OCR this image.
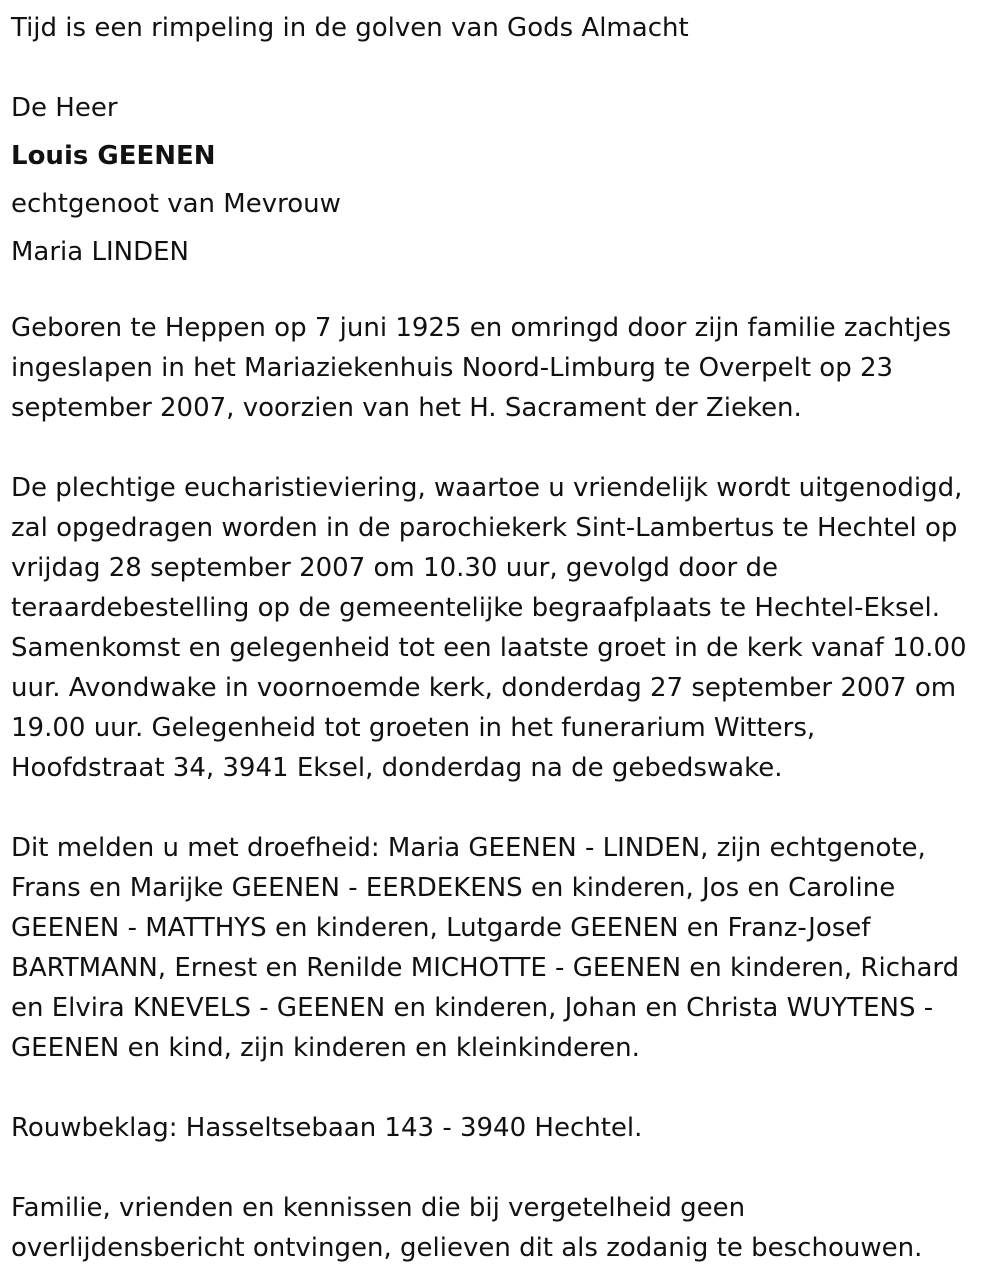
Tijd is een rimpeling in de golven van Gods Almacht

De Heer

Louis GEENEN

echtgenoot van Mevrouw

Maria LINDEN

Geboren te Heppen op 7 juni 1925 en omringd door zijn familie zachtjes
ingeslapen in het Mariaziekenhuis Noord-Limburg te Overpelt op 23
september 2007, voorzien van het H. Sacrament der Zieken.

De plechtige eucharistieviering, waartoe u vriendelijk wordt uitgenodigd,
zal opgedragen worden in de parochiekerk Sint-Lambertus te Hechtel op
vrijdag 28 september 2007 om 10.30 uur, gevolgd door de
teraardebestelling op de gemeentelijke begraafplaats te Hechtel-Eksel.
Samenkomst en gelegenheid tot een laatste groet in de kerk vanaf 10.00
uur. Avondwake in voornoemde kerk, donderdag 27 september 2007 om
19.00 uur. Gelegenheid tot groeten in het funerarium Witters,
Hoofdstraat 34, 3941 Eksel, donderdag na de gebedswake.

Dit melden u met droefheid: Maria GEENEN - LINDEN, zijn echtgenote,
Frans en Marijke GEENEN - EERDEKENS en kinderen, Jos en Caroline
GEENEN - MATTHYS en kinderen, Lutgarde GEENEN en Franz-Josef
BARTMANN, Ernest en Renilde MICHOTTE - GEENEN en kinderen, Richard
en Elvira KNEVELS - GEENEN en kinderen, Johan en Christa WUYTENS -
GEENEN en kind, zijn kinderen en kleinkinderen.

Rouwbeklag: Hasseltsebaan 143 - 3940 Hechtel.

Familie, vrienden en kennissen die bij vergetelheid geen
overlijdensbericht ontvingen, gelieven dit als zodanig te beschouwen.
